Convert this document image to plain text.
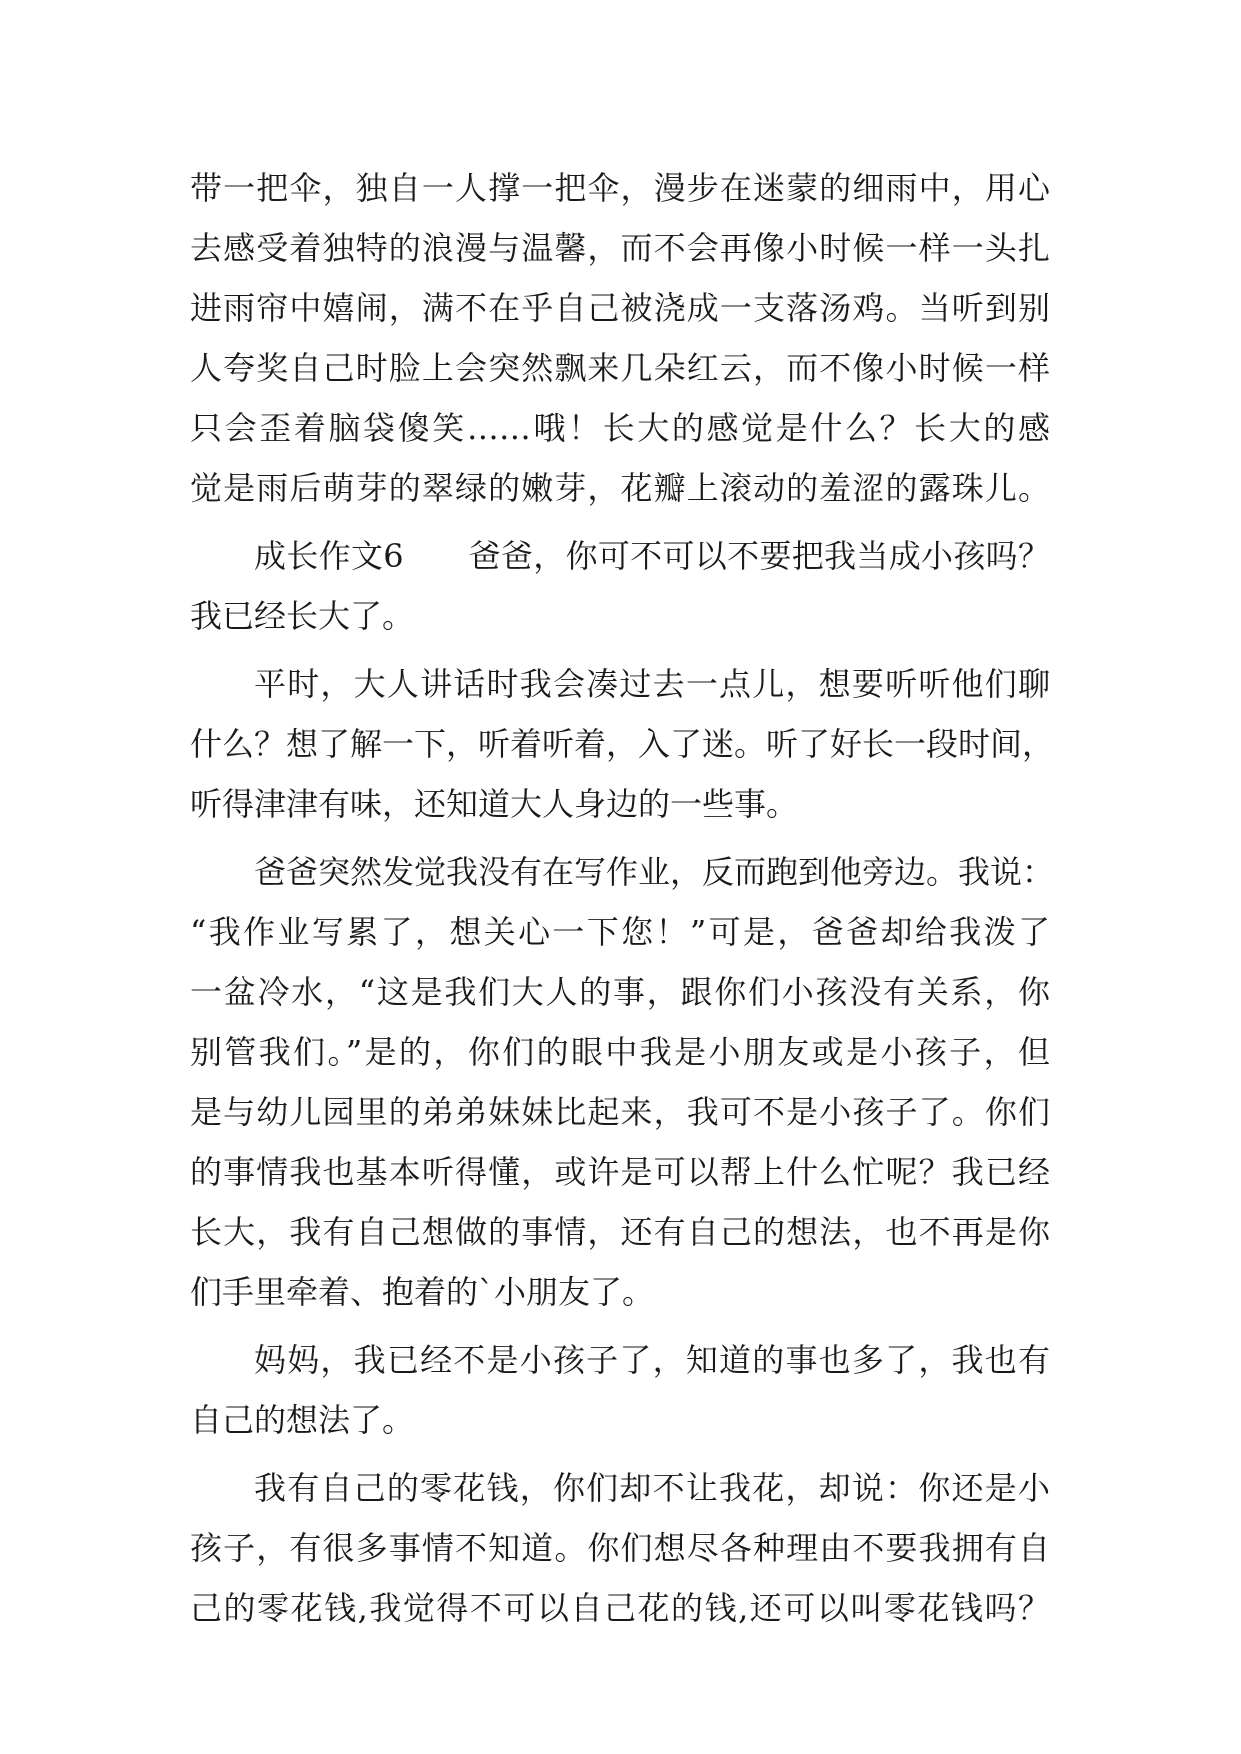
带一把伞，独自一人撑一把伞，漫步在迷蒙的细雨中，用心
去感受着独特的浪漫与温馨，而不会再像小时候一样一头扎
进雨帘中嬉闹，满不在乎自己被浇成一支落汤鸡。当听到别
人夸奖自己时脸上会突然飘来几朵红云，而不像小时候一样
只会歪着脑袋傻笑……哦！长大的感觉是什么？长大的感
觉是雨后萌芽的翠绿的嫩芽，花瓣上滚动的羞涩的露珠儿。
成长作文6　　爸爸，你可不可以不要把我当成小孩吗？
我已经长大了。
平时，大人讲话时我会凑过去一点儿，想要听听他们聊
什么？想了解一下，听着听着，入了迷。听了好长一段时间，
听得津津有味，还知道大人身边的一些事。
爸爸突然发觉我没有在写作业，反而跑到他旁边。我说：
“我作业写累了，想关心一下您！”可是，爸爸却给我泼了
一盆冷水，“这是我们大人的事，跟你们小孩没有关系，你
别管我们。”是的，你们的眼中我是小朋友或是小孩子，但
是与幼儿园里的弟弟妹妹比起来，我可不是小孩子了。你们
的事情我也基本听得懂，或许是可以帮上什么忙呢？我已经
长大，我有自己想做的事情，还有自己的想法，也不再是你
们手里牵着、抱着的`小朋友了。
妈妈，我已经不是小孩子了，知道的事也多了，我也有
自己的想法了。
我有自己的零花钱，你们却不让我花，却说：你还是小
孩子，有很多事情不知道。你们想尽各种理由不要我拥有自
己的零花钱,我觉得不可以自己花的钱,还可以叫零花钱吗？
